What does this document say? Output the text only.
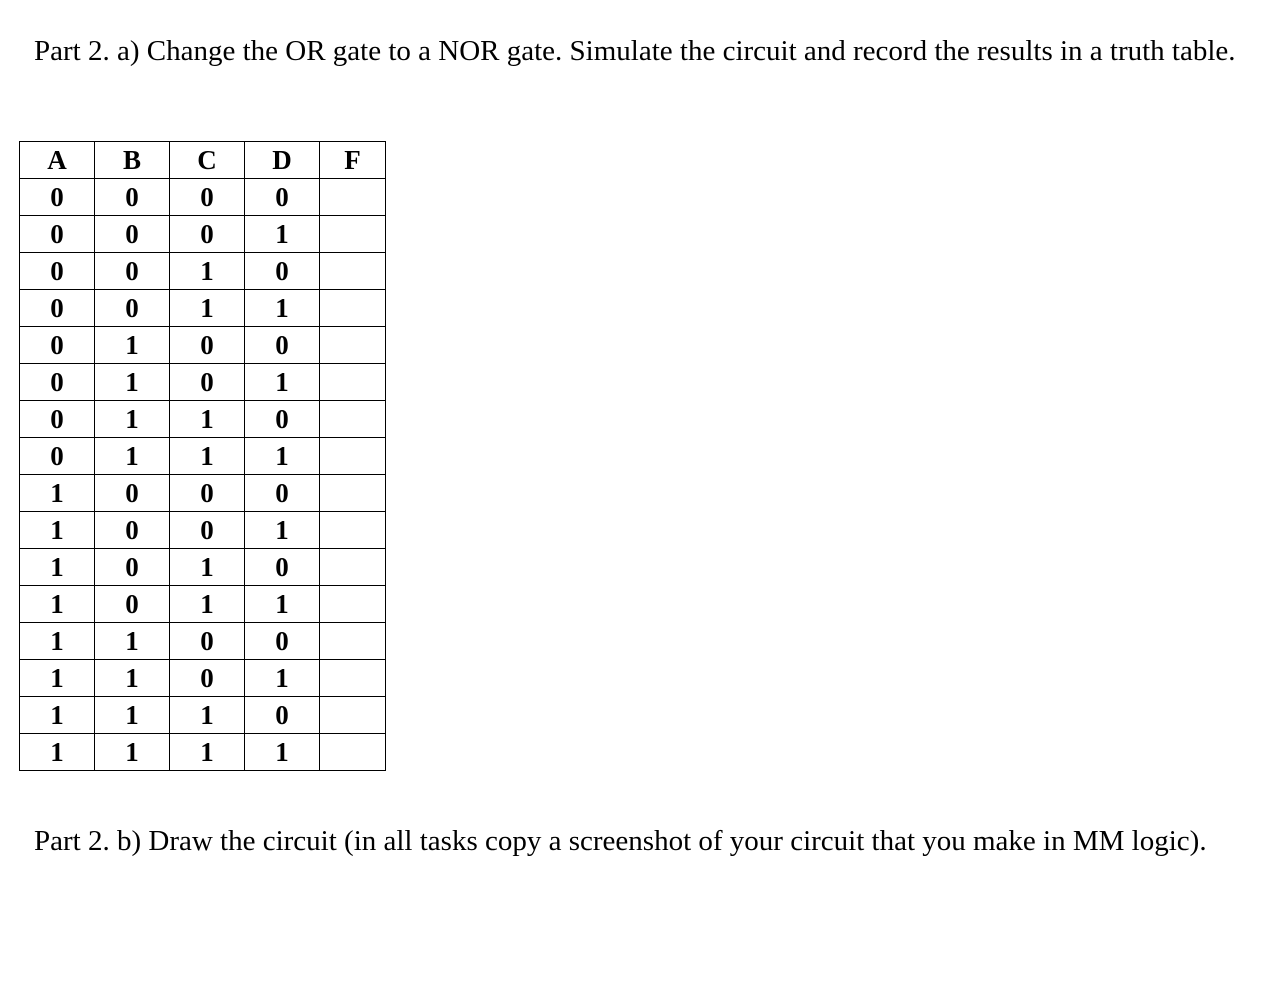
Part 2. a) Change the OR gate to a NOR gate. Simulate the circuit and record the results in a truth table.

A	B	C	D	F
0	0	0	0	
0	0	0	1	
0	0	1	0	
0	0	1	1	
0	1	0	0	
0	1	0	1	
0	1	1	0	
0	1	1	1	
1	0	0	0	
1	0	0	1	
1	0	1	0	
1	0	1	1	
1	1	0	0	
1	1	0	1	
1	1	1	0	
1	1	1	1	

Part 2. b) Draw the circuit (in all tasks copy a screenshot of your circuit that you make in MM logic).
